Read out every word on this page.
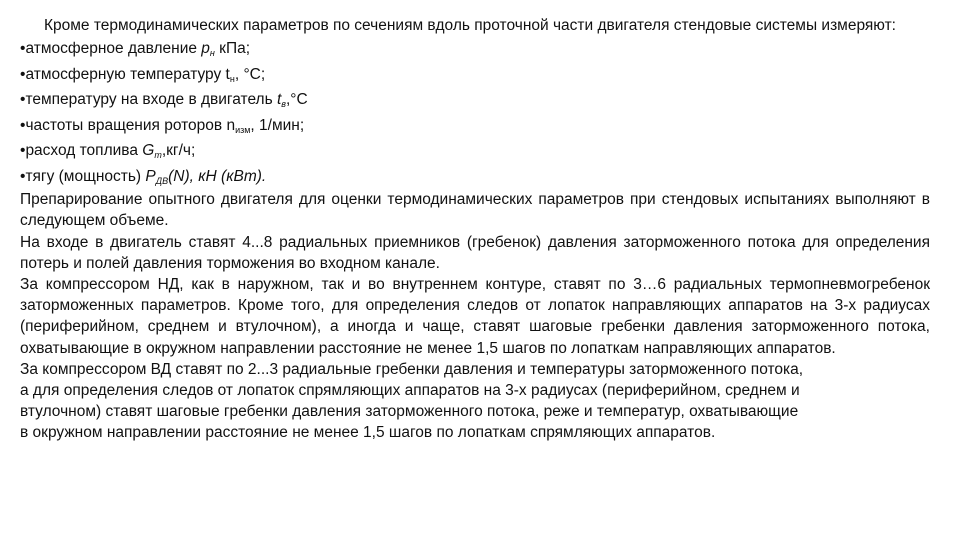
Кроме термодинамических параметров по сечениям вдоль проточной части двигателя стендовые системы измеряют:

•атмосферное давление $p_н$ кПа;

•атмосферную температуру $t_н$, °С;

•температуру на входе в двигатель $t_в,^\circ С$

•частоты вращения роторов $n_{изм}$, 1/мин;

•расход топлива $G_т,кг/ч$;

•тягу (мощность) $P_{ДВ}(N)$, кН (кВт).

Препарирование опытного двигателя для оценки термодинамических параметров при стендовых испытаниях выполняют в следующем объеме.

На входе в двигатель ставят 4...8 радиальных приемников (гребенок) давления заторможенного потока для определения потерь и полей давления торможения во входном канале.

За компрессором НД, как в наружном, так и во внутреннем контуре, ставят по 3…6 радиальных термопневмогребенок заторможенных параметров. Кроме того, для определения следов от лопаток направляющих аппаратов на 3-х радиусах (периферийном, среднем и втулочном), а иногда и чаще, ставят шаговые гребенки давления заторможенного потока, охватывающие в окружном направлении расстояние не менее 1,5 шагов по лопаткам направляющих аппаратов.

За компрессором ВД ставят по 2...3 радиальные гребенки давления и температуры заторможенного потока,
а для определения следов от лопаток спрямляющих аппаратов на 3-х радиусах (периферийном, среднем и
втулочном) ставят шаговые гребенки давления заторможенного потока, реже и температур, охватывающие
в окружном направлении расстояние не менее 1,5 шагов по лопаткам спрямляющих аппаратов.
